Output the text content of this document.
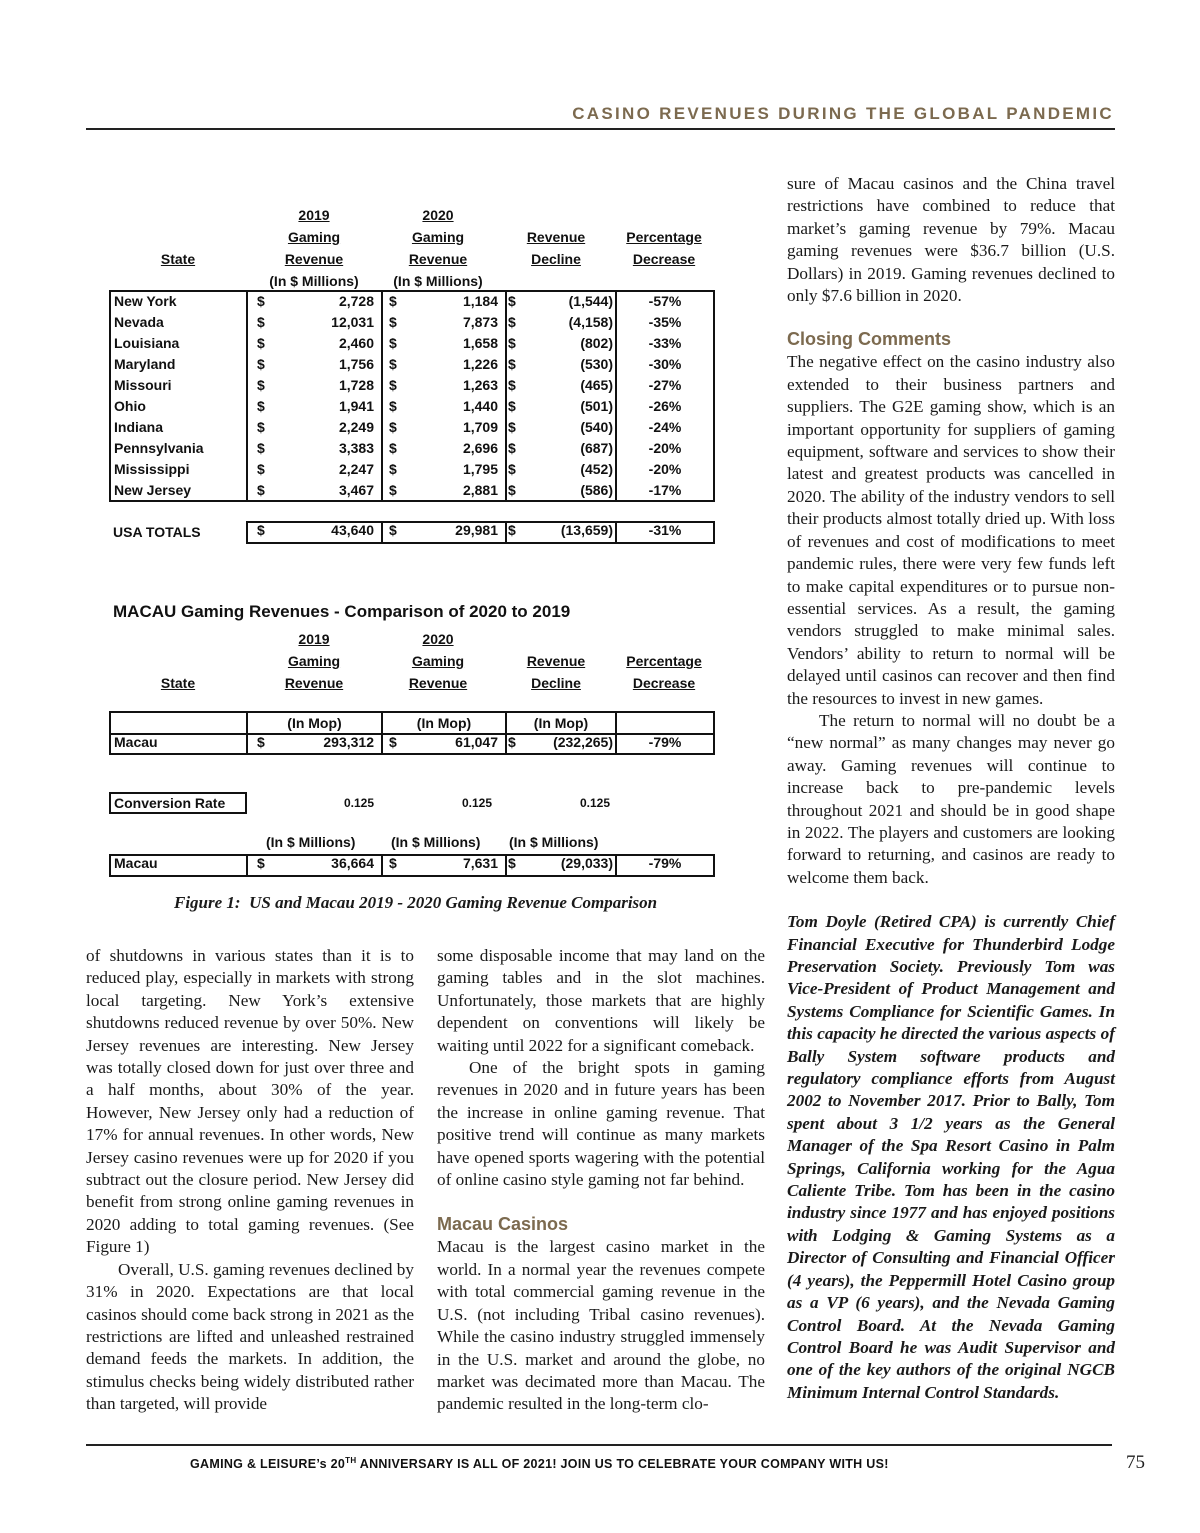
CASINO REVENUES DURING THE GLOBAL PANDEMIC
State
2019
Gaming
Revenue
(In $ Millions)
2020
Gaming
Revenue
(In $ Millions)
Revenue
Decline
Percentage
Decrease
New York	$	2,728 $	1,184 $	(1,544)	-57%
Nevada	$	12,031 $	7,873 $	(4,158)	-35%
Louisiana	$	2,460 $	1,658 $	(802)	-33%
Maryland	$	1,756 $	1,226 $	(530)	-30%
Missouri	$	1,728 $	1,263 $	(465)	-27%
Ohio	$	1,941 $	1,440 $	(501)	-26%
Indiana	$	2,249 $	1,709 $	(540)	-24%
Pennsylvania	$	3,383 $	2,696 $	(687)	-20%
Mississippi	$	2,247 $	1,795 $	(452)	-20%
New Jersey	$	3,467 $	2,881 $	(586)	-17%
USA TOTALS	$	43,640 $	29,981 $	(13,659)	-31%
MACAU Gaming Revenues - Comparison of 2020 to 2019
State
2019
Gaming
Revenue
2020
Gaming
Revenue
Revenue
Decline
Percentage
Decrease
(In Mop)	(In Mop)	(In Mop)
Macau	$	293,312 $	61,047 $	(232,265)	-79%
Conversion Rate	0.125	0.125	0.125
(In $ Millions)	(In $ Millions) (In $ Millions)
Macau	$	36,664 $	7,631 $	(29,033)	-79%
Figure 1:  US and Macau 2019 - 2020 Gaming Revenue Comparison

of shutdowns in various states than it is to reduced play, especially in markets with strong local targeting. New York’s extensive shutdowns reduced revenue by over 50%. New Jersey revenues are interesting. New Jersey was totally closed down for just over three and a half months, about 30% of the year. However, New Jersey only had a reduction of 17% for annual revenues. In other words, New Jersey casino revenues were up for 2020 if you subtract out the closure period. New Jersey did benefit from strong online gaming revenues in 2020 adding to total gaming revenues. (See Figure 1)

Overall, U.S. gaming revenues declined by 31% in 2020. Expectations are that local casinos should come back strong in 2021 as the restrictions are lifted and unleashed restrained demand feeds the markets. In addition, the stimulus checks being widely distributed rather than targeted, will provide

some disposable income that may land on the gaming tables and in the slot machines. Unfortunately, those markets that are highly dependent on conventions will likely be waiting until 2022 for a significant comeback.

One of the bright spots in gaming revenues in 2020 and in future years has been the increase in online gaming revenue. That positive trend will continue as many markets have opened sports wagering with the potential of online casino style gaming not far behind.

Macau Casinos

Macau is the largest casino market in the world. In a normal year the revenues compete with total commercial gaming revenue in the U.S. (not including Tribal casino revenues). While the casino industry struggled immensely in the U.S. market and around the globe, no market was decimated more than Macau. The pandemic resulted in the long-term clo-

sure of Macau casinos and the China travel restrictions have combined to reduce that market’s gaming revenue by 79%. Macau gaming revenues were $36.7 billion (U.S. Dollars) in 2019. Gaming revenues declined to only $7.6 billion in 2020.

Closing Comments

The negative effect on the casino industry also extended to their business partners and suppliers. The G2E gaming show, which is an important opportunity for suppliers of gaming equipment, software and services to show their latest and greatest products was cancelled in 2020. The ability of the industry vendors to sell their products almost totally dried up. With loss of revenues and cost of modifications to meet pandemic rules, there were very few funds left to make capital expenditures or to pursue non-essential services. As a result, the gaming vendors struggled to make minimal sales. Vendors’ ability to return to normal will be delayed until casinos can recover and then find the resources to invest in new games.

The return to normal will no doubt be a “new normal” as many changes may never go away. Gaming revenues will continue to increase back to pre-pandemic levels throughout 2021 and should be in good shape in 2022. The players and customers are looking forward to returning, and casinos are ready to welcome them back.

Tom Doyle (Retired CPA) is currently Chief Financial Executive for Thunderbird Lodge Preservation Society. Previously Tom was Vice-President of Product Management and Systems Compliance for Scientific Games. In this capacity he directed the various aspects of Bally System software products and regulatory compliance efforts from August 2002 to November 2017. Prior to Bally, Tom spent about 3 1/2 years as the General Manager of the Spa Resort Casino in Palm Springs, California working for the Agua Caliente Tribe. Tom has been in the casino industry since 1977 and has enjoyed positions with Lodging & Gaming Systems as a Director of Consulting and Financial Officer (4 years), the Peppermill Hotel Casino group as a VP (6 years), and the Nevada Gaming Control Board. At the Nevada Gaming Control Board he was Audit Supervisor and one of the key authors of the original NGCB Minimum Internal Control Standards.
GAMING & LEISURE’s 20TH ANNIVERSARY IS ALL OF 2021! JOIN US TO CELEBRATE YOUR COMPANY WITH US!	75
